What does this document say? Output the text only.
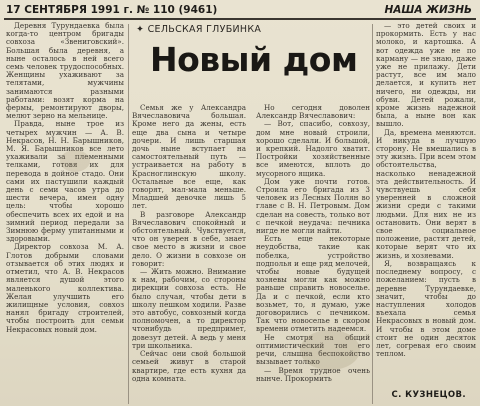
17 СЕНТЯБРЯ 1991 г. № 110 (9461)	НАША ЖИЗНЬ
✦ СЕЛЬСКАЯ ГЛУБИНКА
Новый дом

Деревня Турундаевка была когда-то центром бригады совхоза «Звениговский». Большая была деревня, а ныне осталось в ней всего семь человек трудоспособных. Женщины ухаживают за телятами, мужчины занимаются разными работами: возят корма на фермы, ремонтируют дворы, мелют зерно на мельнице.

Правда, ныне трое из четырех мужчин — А. В. Некрасов, Н. Н. Барышников, М. Я. Барышников все лето ухаживали за племенными телками, готовя их для перевода в дойное стадо. Они сами их пастушили каждый день с семи часов утра до шести вечера, имея одну цель: чтобы хорошо обеспечить всех их едой и на зимний период передали за Зимнюю ферму упитанными и здоровыми.

Директор совхоза М. А. Глотов добрыми словами отзывается об этих людях и отметил, что А. В. Некрасов является душой этого маленького коллектива. Желая улучшить его жилищные условия, совхоз нанял бригаду строителей, чтобы построить для семьи Некрасовых новый дом.

Семья же у Александра Вячеславовича большая. Кроме него да жены, есть еще два сына и четыре дочери. И лишь старшая дочь ныне вступает на самостоятельный путь — устраивается на работу в Красноглинскую школу. Остальные все еще, как говорят, мал-мала меньше. Младшей девочке лишь 5 лет.

В разговоре Александр Вячеславович спокойный и обстоятельный. Чувствуется, что он уверен в себе, знает свое место в жизни и свое дело. О жизни в совхозе он говорит:

— Жить можно. Внимание к нам, рабочим, со стороны дирекции совхоза есть. Не было случая, чтобы дети в школу пешком ходили. Разве это автобус, совхозный когда полномочен, а то директор чтонибудь предпримет, довезут детей. А ведь у меня три школьника.

Сейчас они свой большой семьей живут в старой квартире, где есть кухня да одна комната.

Но сегодня доволен Александр Вячеславович:

— Вот, спасибо, совхозу, дом мне новый строили, хорошо сделали. И большой, и крепкий. Надолго хватит. Постройки хозяйственные все имеются, вплоть до мусорного ящика.

Дом уже почти готов. Строила его бригада из 3 человек из Лесных Полян во главе с В. Н. Петровым. Дом сделан на совесть, только вот с печкой неудача: печника нигде не могли найти.

Есть еще некоторые неудобства, такие как побелка, устройство подполья и еще ряд мелочей, чтобы новые будущей хозяевы могли как можно раньше справить новоселье. Да и с печкой, если кто возьмет, то, я думаю, уже договорились с печником. Так что новоселье в скором времени отметить надеемся.

Не смотря на общий оптимистический тон его речи, слышна беспокойство вызывает только

— Время трудное очень нынче. Прокормить

— это детей своих и прокормить. Есть у нас молоко, и картошка. А вот одежда уже не по карману — не знаю, даже уже не прилажу. Дети растут, все им мало делается, и купить нет ничего, ни одежды, ни обуви. Детей рожали, кроме жизнь надежной была, а ныне вон как вышло.

Да, времена меняются. И никуда в лучшую сторону. Не вмешались в эту жизнь. При всем этом обстоятельства, насколько ненадежной эта действительность. И чувствуешь себя уверенней в сложной жизни среди с такими людьми. Для них не из остановить. Они верят в свое социальное положение, растят детей, которые верят что их жизнь, и хозяевами.

Я, возвращаясь к последнему вопросу, с пожеланием: пусть в деревне Турундаевке, значит, чтобы до наступления холодов въехала семья Некрасовых в новый дом. И чтобы в этом доме стоит не один десяток лет, согревая его своим теплом.

С. КУЗНЕЦОВ.
